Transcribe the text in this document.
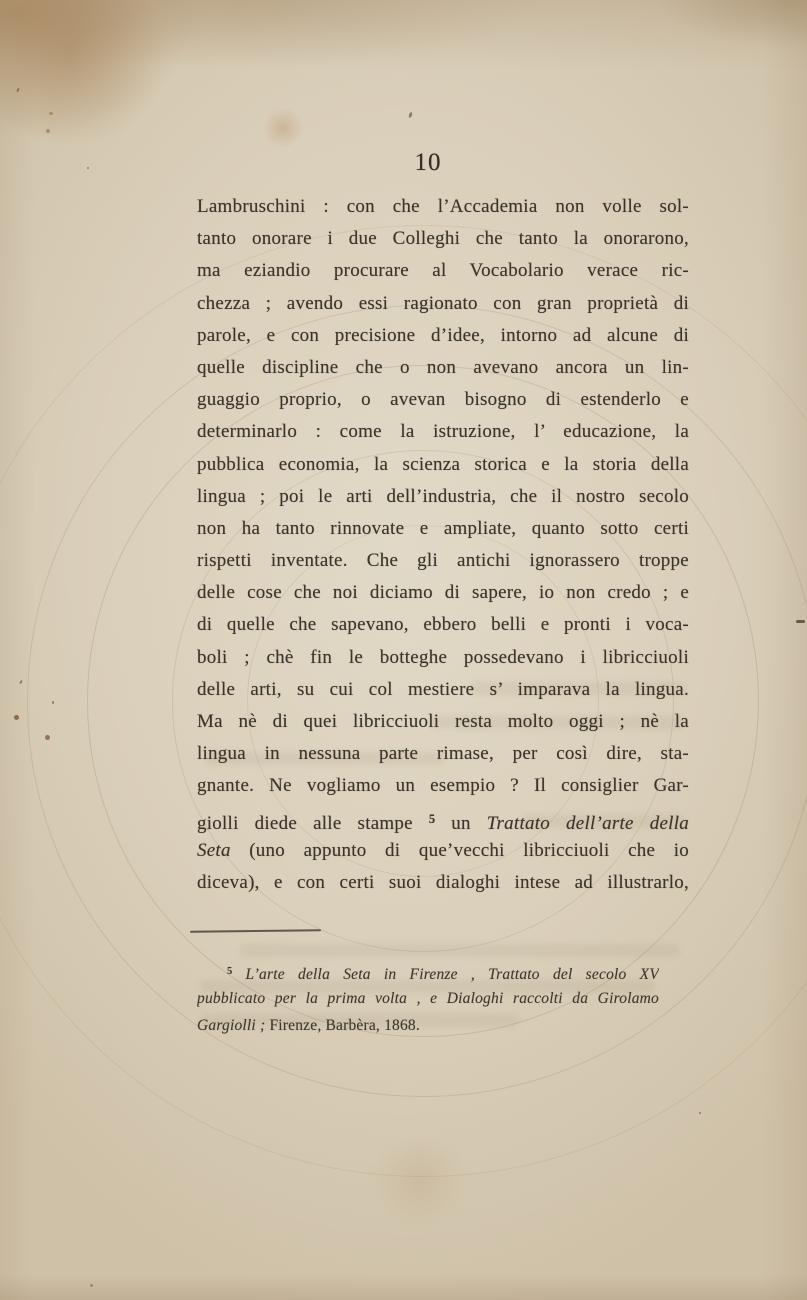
10
Lambruschini : con che l’Accademia non volle sol-
tanto onorare i due Colleghi che tanto la onorarono,
ma eziandio procurare al Vocabolario verace ric-
chezza ; avendo essi ragionato con gran proprietà di
parole, e con precisione d’idee, intorno ad alcune di
quelle discipline che o non avevano ancora un lin-
guaggio proprio, o avevan bisogno di estenderlo e
determinarlo : come la istruzione, l’ educazione, la
pubblica economia, la scienza storica e la storia della
lingua ; poi le arti dell’industria, che il nostro secolo
non ha tanto rinnovate e ampliate, quanto sotto certi
rispetti inventate. Che gli antichi ignorassero troppe
delle cose che noi diciamo di sapere, io non credo ; e
di quelle che sapevano, ebbero belli e pronti i voca-
boli ; chè fin le botteghe possedevano i libricciuoli
delle arti, su cui col mestiere s’ imparava la lingua.
Ma nè di quei libricciuoli resta molto oggi ; nè la
lingua in nessuna parte rimase, per così dire, sta-
gnante. Ne vogliamo un esempio ? Il consiglier Gar-
giolli diede alle stampe $^5$ un Trattato dell’arte della
Seta (uno appunto di que’vecchi libricciuoli che io
diceva), e con certi suoi dialoghi intese ad illustrarlo,
$^5$ L’arte della Seta in Firenze , Trattato del secolo XV
pubblicato per la prima volta , e Dialoghi raccolti da Girolamo
Gargiolli ; Firenze, Barbèra, 1868.
